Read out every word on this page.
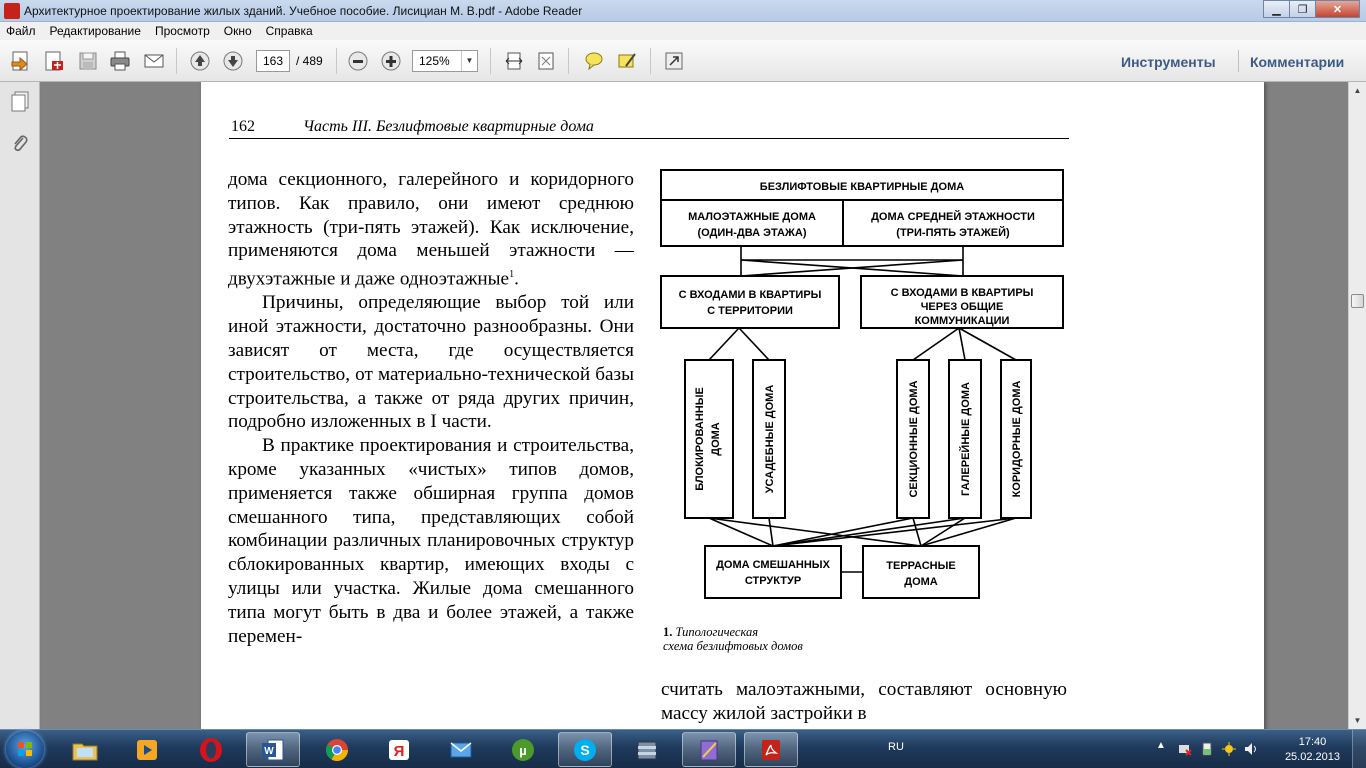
Архитектурное проектирование жилых зданий. Учебное пособие. Лисициан М. В.pdf - Adobe Reader	▁	❐	✕
Файл Редактирование Просмотр Окно Справка
163	/ 489	125%	▼	Инструменты Комментарии
162	Часть III. Безлифтовые квартирные дома

дома секционного, галерейного и коридорного типов. Как правило, они имеют среднюю этажность (три-пять этажей). Как исключение, применяются дома меньшей этажности — двухэтажные и даже одноэтажные$^1$.

Причины, определяющие выбор той или иной этажности, достаточно разнообразны. Они зависят от места, где осуществляется строительство, от материально-технической базы строительства, а также от ряда других причин, подробно изложенных в I части.

В практике проектирования и строительства, кроме указанных «чистых» типов домов, применяется также обширная группа домов смешанного типа, представляющих собой комбинации различных планировочных структур сблокированных квартир, имеющих входы с улицы или участка. Жилые дома смешанного типа могут быть в два и более этажей, а также перемен-

БЕЗЛИФТОВЫЕ КВАРТИРНЫЕ ДОМА
МАЛОЭТАЖНЫЕ ДОМА
(ОДИН-ДВА ЭТАЖА)
ДОМА СРЕДНЕЙ ЭТАЖНОСТИ
(ТРИ-ПЯТЬ ЭТАЖЕЙ)
С ВХОДАМИ В КВАРТИРЫ
С ТЕРРИТОРИИ
С ВХОДАМИ В КВАРТИРЫ
ЧЕРЕЗ ОБЩИЕ
КОММУНИКАЦИИ
БЛОКИРОВАННЫЕ ДОМА	УСАДЕБНЫЕ ДОМА	СЕКЦИОННЫЕ ДОМА	ГАЛЕРЕЙНЫЕ ДОМА	КОРИДОРНЫЕ ДОМА
ДОМА СМЕШАННЫХ
СТРУКТУР
ТЕРРАСНЫЕ
ДОМА
1. Типологическая
схема безлифтовых домов

считать малоэтажными, составляют основную массу жилой застройки в

▲
▼
W	Я	µ	S	RU	▲	17:40
25.02.2013
